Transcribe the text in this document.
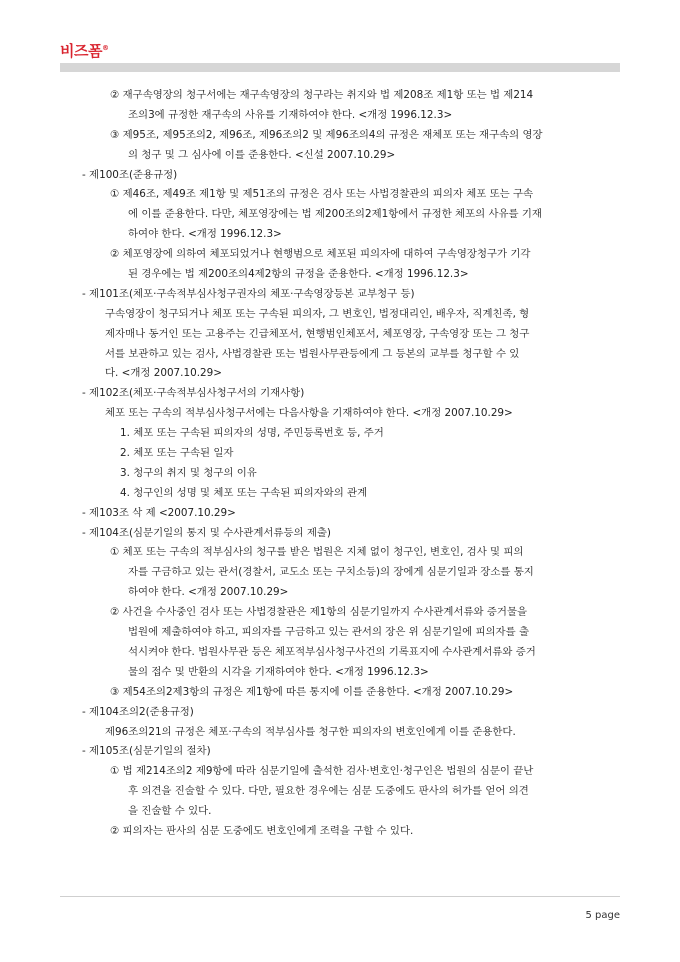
비즈폼®
② 재구속영장의 청구서에는 재구속영장의 청구라는 취지와 법 제208조 제1항 또는 법 제214
조의3에 규정한 재구속의 사유를 기재하여야 한다. <개정 1996.12.3>
③ 제95조, 제95조의2, 제96조, 제96조의2 및 제96조의4의 규정은 재체포 또는 재구속의 영장
의 청구 및 그 심사에 이를 준용한다. <신설 2007.10.29>
- 제100조(준용규정)
① 제46조, 제49조 제1항 및 제51조의 규정은 검사 또는 사법경찰관의 피의자 체포 또는 구속
에 이를 준용한다. 다만, 체포영장에는 법 제200조의2제1항에서 규정한 체포의 사유를 기재
하여야 한다. <개정 1996.12.3>
② 체포영장에 의하여 체포되었거나 현행범으로 체포된 피의자에 대하여 구속영장청구가 기각
된 경우에는 법 제200조의4제2항의 규정을 준용한다. <개정 1996.12.3>
- 제101조(체포·구속적부심사청구권자의 체포·구속영장등본 교부청구 등)
구속영장이 청구되거나 체포 또는 구속된 피의자, 그 변호인, 법정대리인, 배우자, 직계친족, 형
제자매나 동거인 또는 고용주는 긴급체포서, 현행범인체포서, 체포영장, 구속영장 또는 그 청구
서를 보관하고 있는 검사, 사법경찰관 또는 법원사무관등에게 그 등본의 교부를 청구할 수 있
다. <개정 2007.10.29>
- 제102조(체포·구속적부심사청구서의 기재사항)
체포 또는 구속의 적부심사청구서에는 다음사항을 기재하여야 한다. <개정 2007.10.29>
1. 체포 또는 구속된 피의자의 성명, 주민등록번호 등, 주거
2. 체포 또는 구속된 일자
3. 청구의 취지 및 청구의 이유
4. 청구인의 성명 및 체포 또는 구속된 피의자와의 관계
- 제103조 삭 제 <2007.10.29>
- 제104조(심문기일의 통지 및 수사관계서류등의 제출)
① 체포 또는 구속의 적부심사의 청구를 받은 법원은 지체 없이 청구인, 변호인, 검사 및 피의
자를 구금하고 있는 관서(경찰서, 교도소 또는 구치소등)의 장에게 심문기일과 장소를 통지
하여야 한다. <개정 2007.10.29>
② 사건을 수사중인 검사 또는 사법경찰관은 제1항의 심문기일까지 수사관계서류와 증거물을
법원에 제출하여야 하고, 피의자를 구금하고 있는 관서의 장은 위 심문기일에 피의자를 출
석시켜야 한다. 법원사무관 등은 체포적부심사청구사건의 기록표지에 수사관계서류와 증거
물의 접수 및 반환의 시각을 기재하여야 한다. <개정 1996.12.3>
③ 제54조의2제3항의 규정은 제1항에 따른 통지에 이를 준용한다. <개정 2007.10.29>
- 제104조의2(준용규정)
제96조의21의 규정은 체포·구속의 적부심사를 청구한 피의자의 변호인에게 이를 준용한다.
- 제105조(심문기일의 절차)
① 법 제214조의2 제9항에 따라 심문기일에 출석한 검사·변호인·청구인은 법원의 심문이 끝난
후 의견을 진술할 수 있다. 다만, 필요한 경우에는 심문 도중에도 판사의 허가를 얻어 의견
을 진술할 수 있다.
② 피의자는 판사의 심문 도중에도 변호인에게 조력을 구할 수 있다.
5 page
